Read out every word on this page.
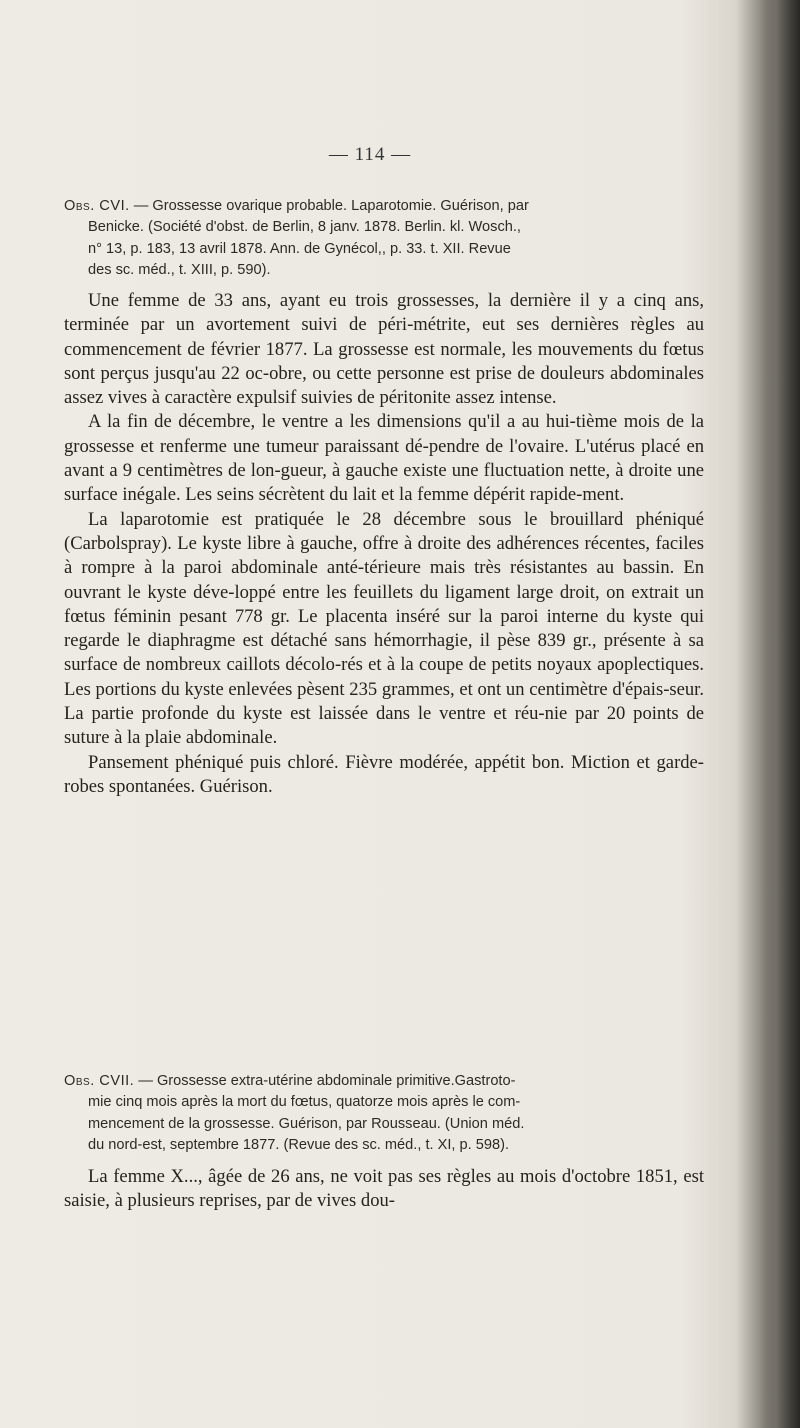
— 114 —
Obs. CVI. — Grossesse ovarique probable. Laparotomie. Guérison, par
Benicke. (Société d'obst. de Berlin, 8 janv. 1878. Berlin. kl. Wosch.,
n° 13, p. 183, 13 avril 1878. Ann. de Gynécol,, p. 33. t. XII. Revue
des sc. méd., t. XIII, p. 590).

Une femme de 33 ans, ayant eu trois grossesses, la dernière il y a cinq ans, terminée par un avortement suivi de péri-métrite, eut ses dernières règles au commencement de février 1877. La grossesse est normale, les mouvements du fœtus sont perçus jusqu'au 22 oc-obre, ou cette personne est prise de douleurs abdominales assez vives à caractère expulsif suivies de péritonite assez intense.

A la fin de décembre, le ventre a les dimensions qu'il a au hui-tième mois de la grossesse et renferme une tumeur paraissant dé-pendre de l'ovaire. L'utérus placé en avant a 9 centimètres de lon-gueur, à gauche existe une fluctuation nette, à droite une surface inégale. Les seins sécrètent du lait et la femme dépérit rapide-ment.

La laparotomie est pratiquée le 28 décembre sous le brouillard phéniqué (Carbolspray). Le kyste libre à gauche, offre à droite des adhérences récentes, faciles à rompre à la paroi abdominale anté-térieure mais très résistantes au bassin. En ouvrant le kyste déve-loppé entre les feuillets du ligament large droit, on extrait un fœtus féminin pesant 778 gr. Le placenta inséré sur la paroi interne du kyste qui regarde le diaphragme est détaché sans hémorrhagie, il pèse 839 gr., présente à sa surface de nombreux caillots décolo-rés et à la coupe de petits noyaux apoplectiques. Les portions du kyste enlevées pèsent 235 grammes, et ont un centimètre d'épais-seur. La partie profonde du kyste est laissée dans le ventre et réu-nie par 20 points de suture à la plaie abdominale.

Pansement phéniqué puis chloré. Fièvre modérée, appétit bon. Miction et garde-robes spontanées. Guérison.

Obs. CVII. — Grossesse extra-utérine abdominale primitive.Gastroto-
mie cinq mois après la mort du fœtus, quatorze mois après le com-
mencement de la grossesse. Guérison, par Rousseau. (Union méd.
du nord-est, septembre 1877. (Revue des sc. méd., t. XI, p. 598).

La femme X..., âgée de 26 ans, ne voit pas ses règles au mois d'octobre 1851, est saisie, à plusieurs reprises, par de vives dou-
